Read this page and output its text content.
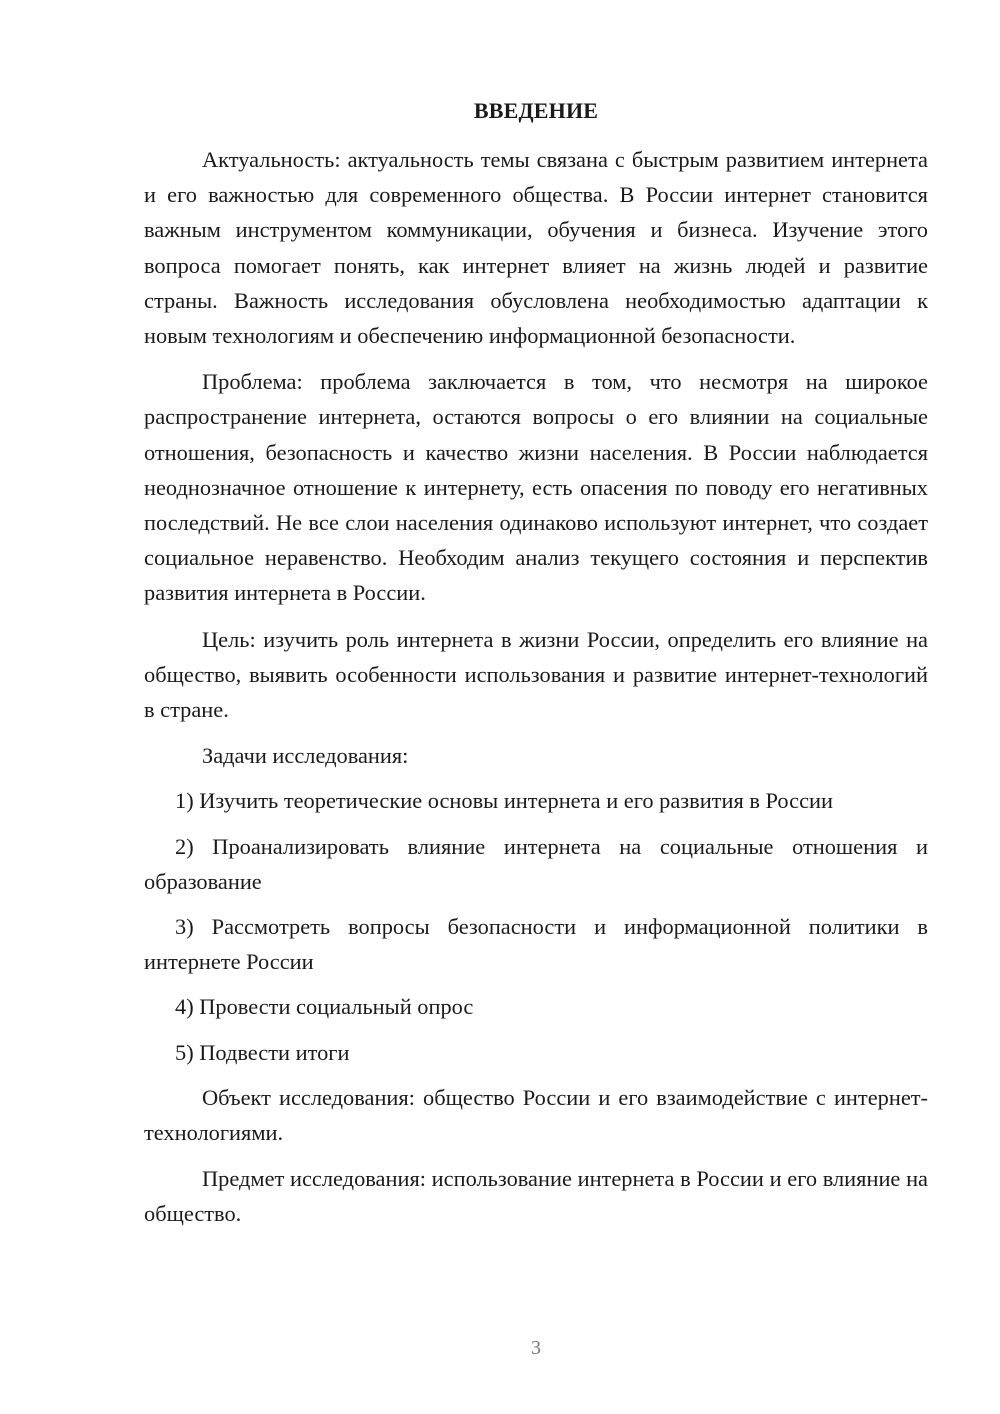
ВВЕДЕНИЕ

Актуальность: актуальность темы связана с быстрым развитием интернета и его важностью для современного общества. В России интернет становится важным инструментом коммуникации, обучения и бизнеса. Изучение этого вопроса помогает понять, как интернет влияет на жизнь людей и развитие страны. Важность исследования обусловлена необходимостью адаптации к новым технологиям и обеспечению информационной безопасности.

Проблема: проблема заключается в том, что несмотря на широкое распространение интернета, остаются вопросы о его влиянии на социальные отношения, безопасность и качество жизни населения. В России наблюдается неоднозначное отношение к интернету, есть опасения по поводу его негативных последствий. Не все слои населения одинаково используют интернет, что создает социальное неравенство. Необходим анализ текущего состояния и перспектив развития интернета в России.

Цель: изучить роль интернета в жизни России, определить его влияние на общество, выявить особенности использования и развитие интернет-технологий в стране.

Задачи исследования:

1) Изучить теоретические основы интернета и его развития в России

2) Проанализировать влияние интернета на социальные отношения и образование

3) Рассмотреть вопросы безопасности и информационной политики в интернете России

4) Провести социальный опрос

5) Подвести итоги

Объект исследования: общество России и его взаимодействие с интернет-технологиями.

Предмет исследования: использование интернета в России и его влияние на общество.

3
